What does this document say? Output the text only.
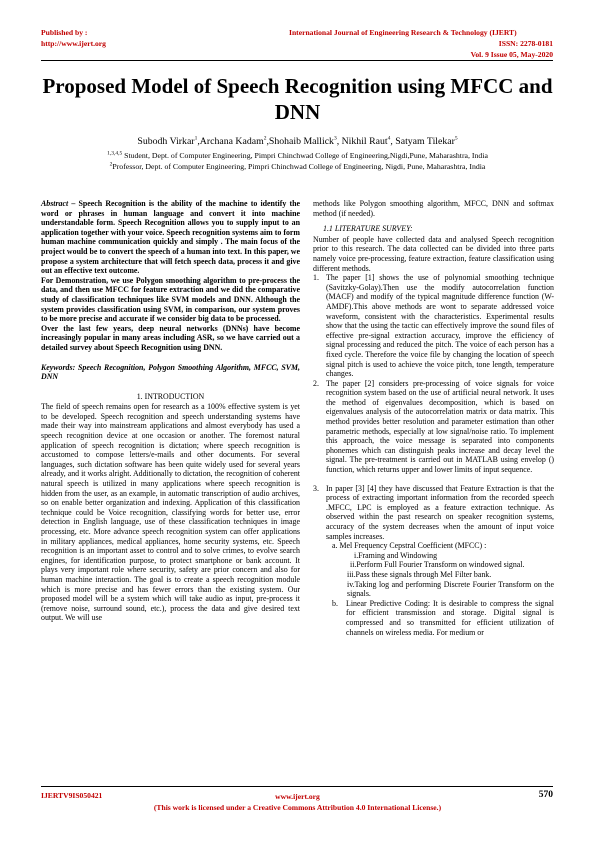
Published by :
http://www.ijert.org
International Journal of Engineering Research & Technology (IJERT)
ISSN: 2278-0181
Vol. 9 Issue 05, May-2020
Proposed Model of Speech Recognition using MFCC and DNN
Subodh Virkar$^1$,Archana Kadam$^2$,Shohaib Mallick$^3$, Nikhil Raut$^4$, Satyam Tilekar$^5$
$^{1,3,4,5}$ Student, Dept. of Computer Engineering, Pimpri Chinchwad College of Engineering,Nigdi,Pune, Maharashtra, India
$^2$Professor, Dept. of Computer Engineering, Pimpri Chinchwad College of Engineering, Nigdi, Pune, Maharashtra, India

Abstract – Speech Recognition is the ability of the machine to identify the word or phrases in human language and convert it into machine understandable form. Speech Recognition allows you to supply input to an application together with your voice. Speech recognition systems aim to form human machine communication quickly and simply . The main focus of the project would be to convert the speech of a human into text. In this paper, we propose a system architecture that will fetch speech data, process it and give out an effective text outcome.

For Demonstration, we use Polygon smoothing algorithm to pre-process the data, and then use MFCC for feature extraction and we did the comparative study of classification techniques like SVM models and DNN. Although the system provides classification using SVM, in comparison, our system proves to be more precise and accurate if we consider big data to be processed.

Over the last few years, deep neural networks (DNNs) have become increasingly popular in many areas including ASR, so we have carried out a detailed survey about Speech Recognition using DNN.

Keywords: Speech Recognition, Polygon Smoothing Algorithm, MFCC, SVM, DNN

1. INTRODUCTION

The field of speech remains open for research as a 100% effective system is yet to be developed. Speech recognition and speech understanding systems have made their way into mainstream applications and almost everybody has used a speech recognition device at one occasion or another. The foremost natural application of speech recognition is dictation; where speech recognition is accustomed to compose letters/e-mails and other documents. For several languages, such dictation software has been quite widely used for several years already, and it works alright. Additionally to dictation, the recognition of coherent natural speech is utilized in many applications where speech recognition is hidden from the user, as an example, in automatic transcription of audio archives, so on enable better organization and indexing. Application of this classification technique could be Voice recognition, classifying words for better use, error detection in English language, use of these classification techniques in image processing, etc. More advance speech recognition system can offer applications in military appliances, medical appliances, home security systems, etc. Speech recognition is an important asset to control and to solve crimes, to evolve search engines, for identification purpose, to protect smartphone or bank account. It plays very important role where security, safety are prior concern and also for human machine interaction. The goal is to create a speech recognition module which is more precise and has fewer errors than the existing system. Our proposed model will be a system which will take audio as input, pre-process it (remove noise, surround sound, etc.), process the data and give desired text output. We will use

methods like Polygon smoothing algorithm, MFCC, DNN and softmax method (if needed).

1.1 LITERATURE SURVEY:

Number of people have collected data and analysed Speech recognition prior to this research. The data collected can be divided into three parts namely voice pre-processing, feature extraction, feature classification using different methods.

1. The paper [1] shows the use of polynomial smoothing technique (Savitzky-Golay).Then use the modify autocorrelation function (MACF) and modify of the typical magnitude difference function (W-AMDF).This above methods are wont to separate addressed voice waveform, consistent with the characteristics. Experimental results show that the using the tactic can effectively improve the sound files of effective pre-signal extraction accuracy, improve the efficiency of signal processing and reduced the pitch. The voice of each person has a fixed cycle. Therefore the voice file by changing the location of speech signal pitch is used to achieve the voice pitch, tone length, temperature changes.
2. The paper [2] considers pre-processing of voice signals for voice recognition system based on the use of artificial neural network. It uses the method of eigenvalues decomposition, which is based on eigenvalues analysis of the autocorrelation matrix or data matrix. This method provides better resolution and parameter estimation than other parametric methods, especially at low signal/noise ratio. To implement this approach, the voice message is separated into components phonemes which can distinguish peaks increase and decay level the signal. The pre-treatment is carried out in MATLAB using envelop () function, which returns upper and lower limits of input sequence.
3. In paper [3] [4] they have discussed that Feature Extraction is that the process of extracting important information from the recorded speech .MFCC, LPC is employed as a feature extraction technique. As observed within the past research on speaker recognition systems, accuracy of the system decreases when the amount of input voice samples increases.
a. Mel Frequency Cepstral Coefficient (MFCC) :
i.Framing and Windowing
ii.Perform Full Fourier Transform on windowed signal.
iii.Pass these signals through Mel Filter bank.
iv.Taking log and performing Discrete Fourier Transform on the signals.
b.	Linear Predictive Coding: It is desirable to compress the signal for efficient transmission and storage. Digital signal is compressed and so transmitted for efficient utilization of channels on wireless media. For medium or
IJERTV9IS050421	www.ijert.org
(This work is licensed under a Creative Commons Attribution 4.0 International License.)
570
